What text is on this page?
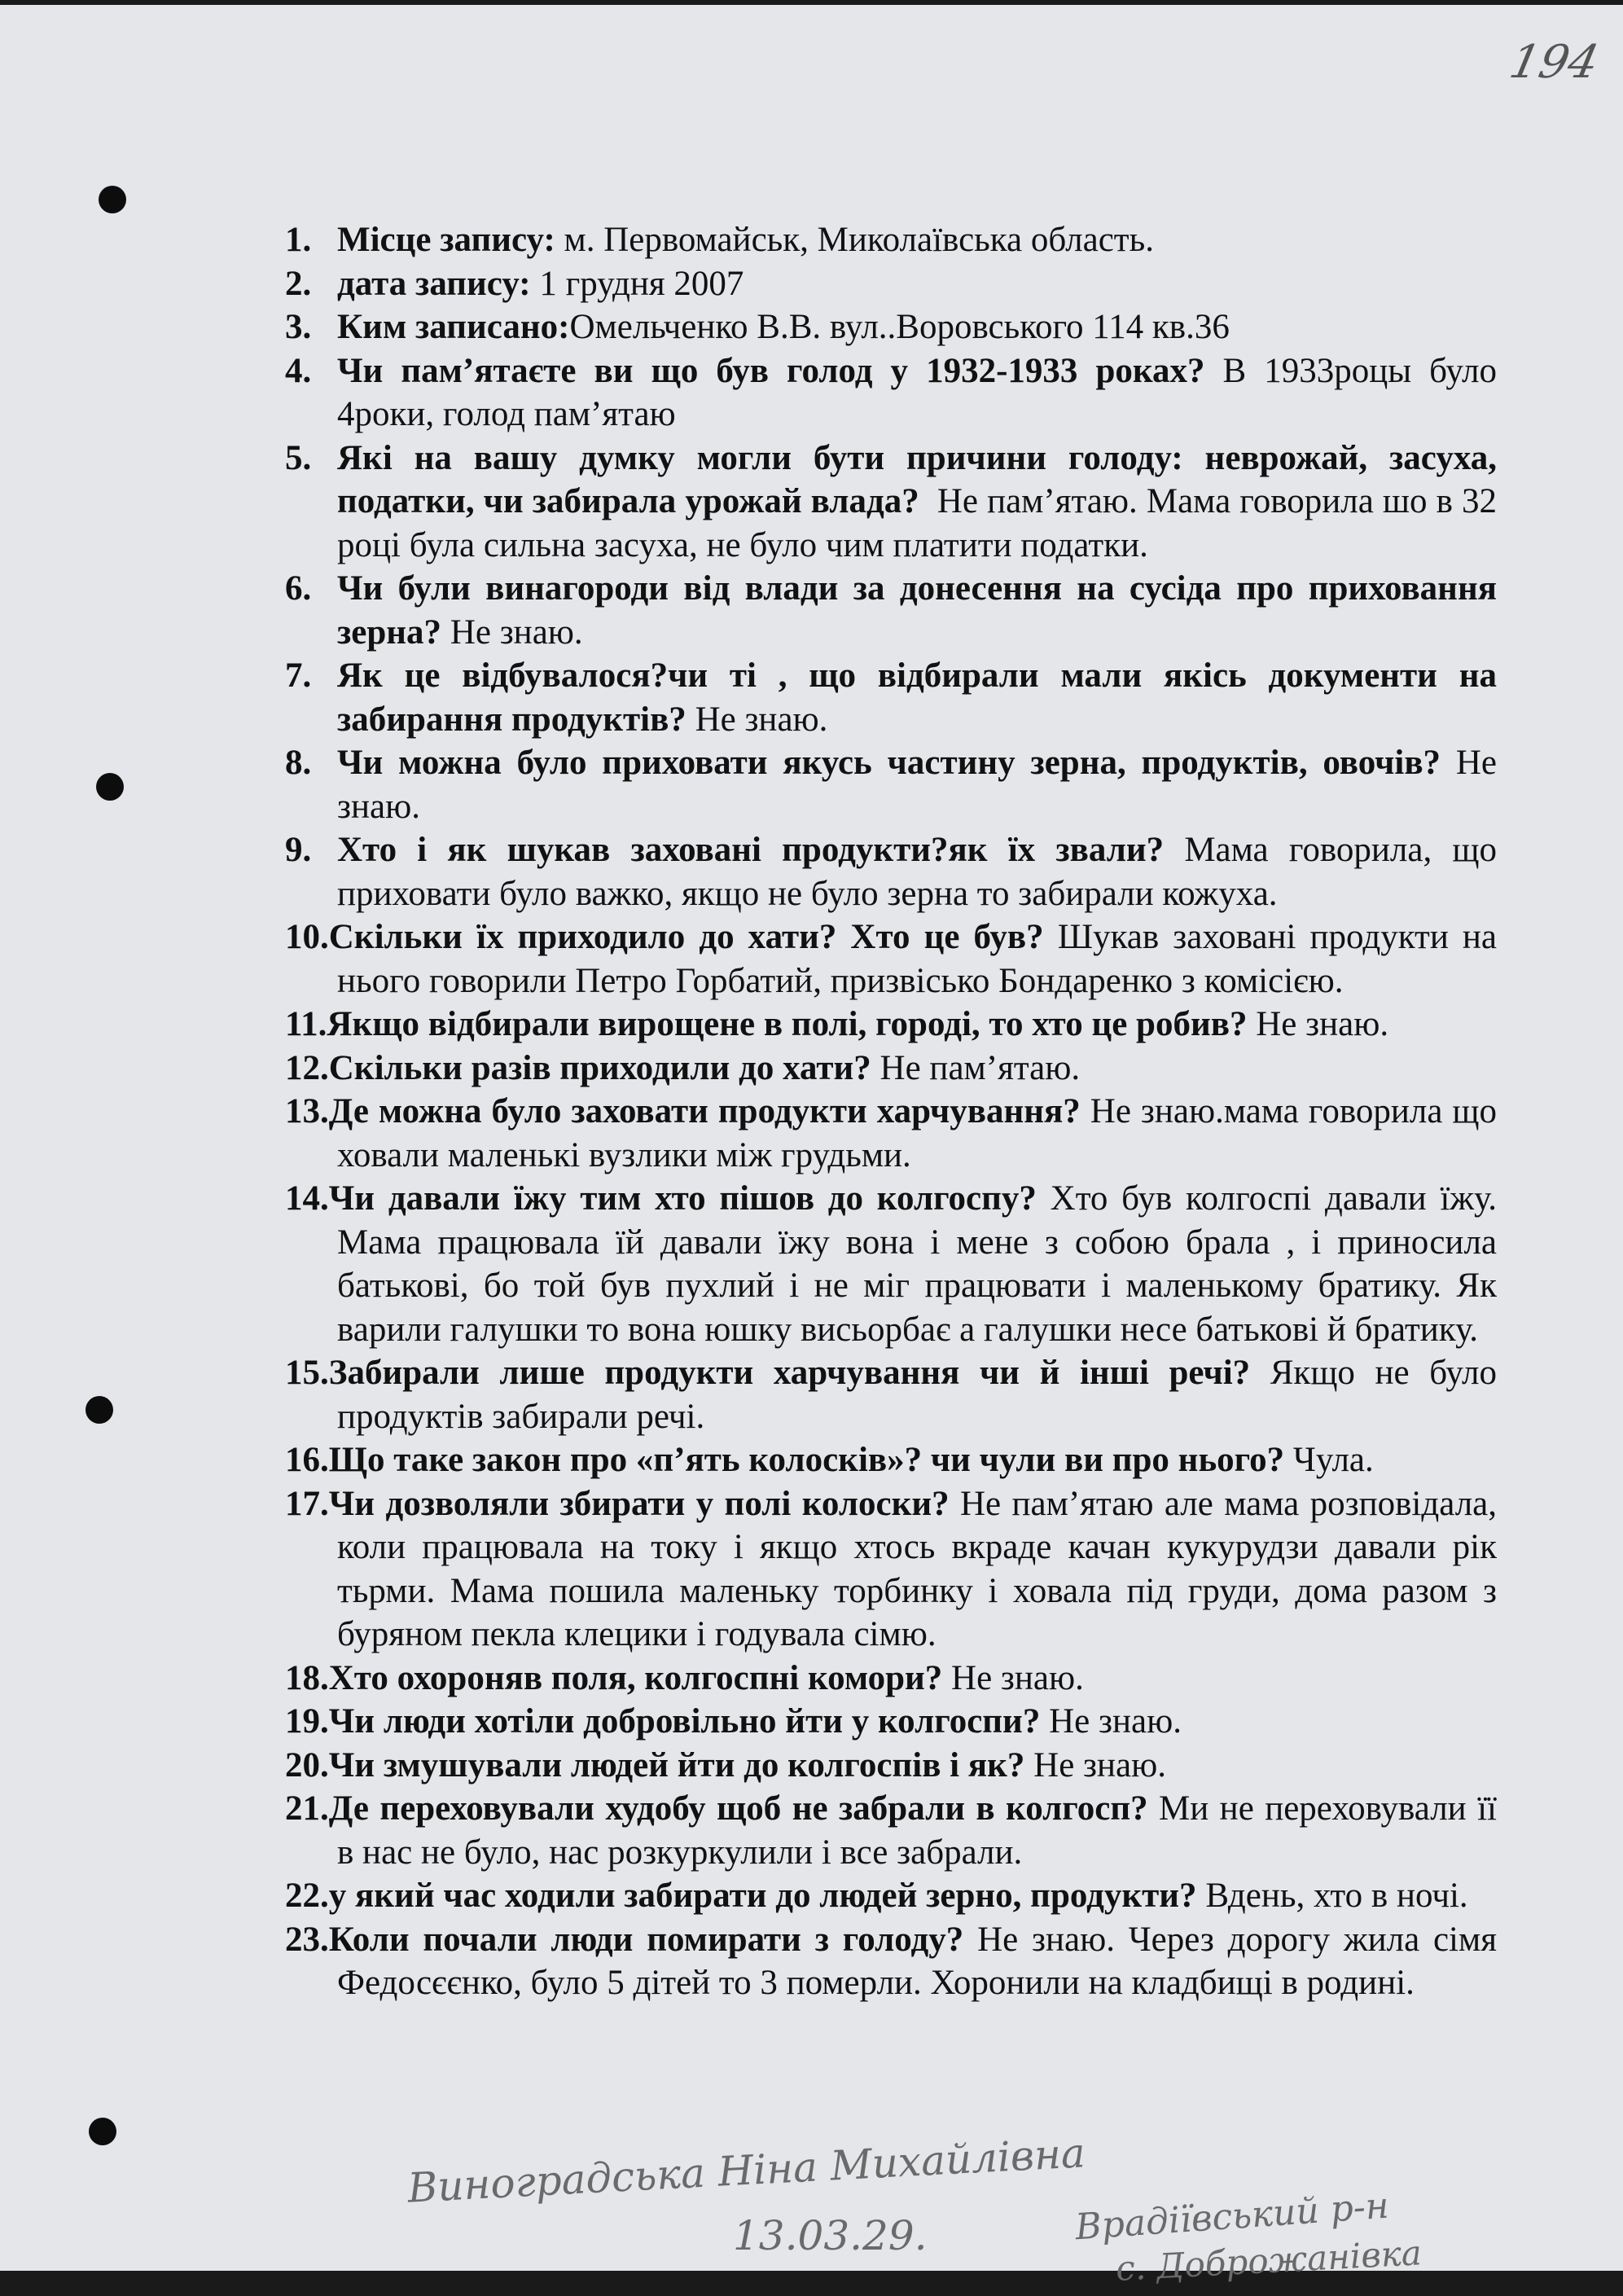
194
1. Місце запису: м. Первомайськ, Миколаївська область.
2. дата запису: 1 грудня 2007
3. Ким записано:Омельченко В.В. вул..Воровського 114 кв.36
4. Чи пам’ятаєте ви що був голод у 1932-1933 роках? В 1933роцы було 4роки, голод пам’ятаю
5. Які на вашу думку могли бути причини голоду: неврожай, засуха, податки, чи забирала урожай влада?  Не пам’ятаю. Мама говорила шо в 32 році була сильна засуха, не було чим платити податки.
6. Чи були винагороди від влади за донесення на сусіда про приховання зерна? Не знаю.
7. Як це відбувалося?чи ті , що відбирали мали якісь документи на забирання продуктів? Не знаю.
8. Чи можна було приховати якусь частину зерна, продуктів, овочів? Не знаю.
9. Хто і як шукав заховані продукти?як їх звали? Мама говорила, що приховати було важко, якщо не було зерна то забирали кожуха.
10.Скільки їх приходило до хати? Хто це був? Шукав заховані продукти на нього говорили Петро Горбатий, призвісько Бондаренко з комісією.
11.Якщо відбирали вирощене в полі, городі, то хто це робив? Не знаю.
12.Скільки разів приходили до хати? Не пам’ятаю.
13.Де можна було заховати продукти харчування? Не знаю.мама говорила що ховали маленькі вузлики між грудьми.
14.Чи давали їжу тим хто пішов до колгоспу? Хто був колгоспі давали їжу. Мама працювала їй давали їжу вона і мене з собою брала , і приносила батькові, бо той був пухлий і не міг працювати і маленькому братику. Як варили галушки то вона юшку висьорбає а галушки несе батькові й братику.
15.Забирали лише продукти харчування чи й інші речі? Якщо не було продуктів забирали речі.
16.Що таке закон про «п’ять колосків»? чи чули ви про нього? Чула.
17.Чи дозволяли збирати у полі колоски? Не пам’ятаю але мама розповідала, коли працювала на току і якщо хтось вкраде качан кукурудзи давали рік тьрми. Мама пошила маленьку торбинку і ховала під груди, дома разом з буряном пекла клецики і годувала сімю.
18.Хто охороняв поля, колгоспні комори? Не знаю.
19.Чи люди хотіли добровільно йти у колгоспи? Не знаю.
20.Чи змушували людей йти до колгоспів і як? Не знаю.
21.Де переховували худобу щоб не забрали в колгосп? Ми не переховували її в нас не було, нас розкуркулили і все забрали.
22.у який час ходили забирати до людей зерно, продукти? Вдень, хто в ночі.
23.Коли почали люди помирати з голоду? Не знаю. Через дорогу жила сімя Федосєєнко, було 5 дітей то 3 померли. Хоронили на кладбищі в родині.
Виноградська Ніна Михайлівна
13.03.29.	Врадіївський р-н
с. Доброжанівка
